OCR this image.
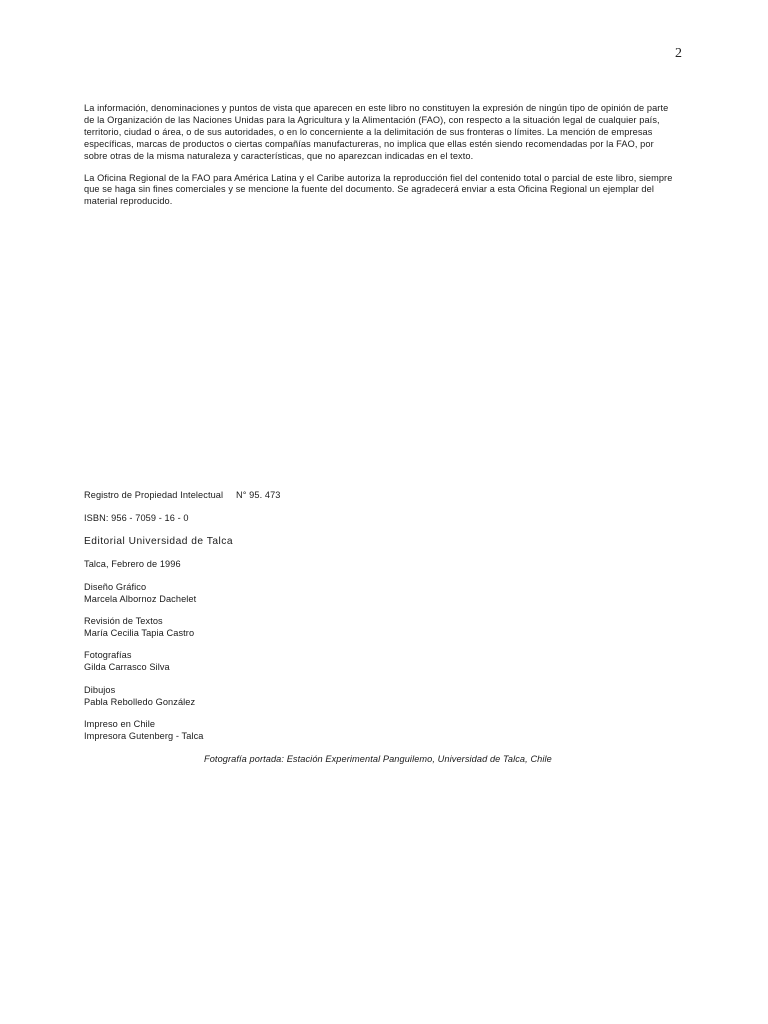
2

La información, denominaciones y puntos de vista que aparecen en este libro no constituyen la expresión de ningún tipo de opinión de parte de la Organización de las Naciones Unidas para la Agricultura y la Alimentación (FAO), con respecto a la situación legal de cualquier país, territorio, ciudad o área, o de sus autoridades, o en lo concerniente a la delimitación de sus fronteras o límites. La mención de empresas específicas, marcas de productos o ciertas compañías manufactureras, no implica que ellas estén siendo recomendadas por la FAO, por sobre otras de la misma naturaleza y características, que no aparezcan indicadas en el texto.

La Oficina Regional de la FAO para América Latina y el Caribe autoriza la reproducción fiel del contenido total o parcial de este libro, siempre que se haga sin fines comerciales y se mencione la fuente del documento. Se agradecerá enviar a esta Oficina Regional un ejemplar del material reproducido.

Registro de Propiedad Intelectual N° 95. 473
ISBN: 956 - 7059 - 16 - 0
Editorial Universidad de Talca
Talca, Febrero de 1996
Diseño Gráfico
Marcela Albornoz Dachelet
Revisión de Textos
María Cecilia Tapia Castro
Fotografías
Gilda Carrasco Silva
Dibujos
Pabla Rebolledo González
Impreso en Chile
Impresora Gutenberg - Talca
Fotografía portada: Estación Experimental Panguilemo, Universidad de Talca, Chile
